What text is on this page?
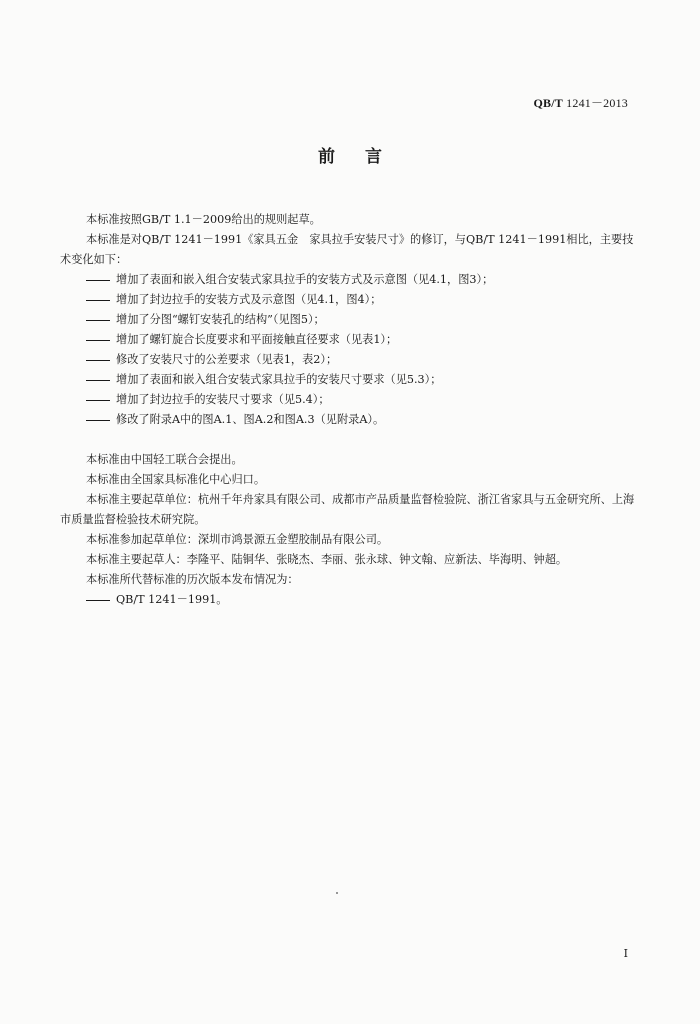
QB/T 1241－2013
前言

本标准按照GB/T 1.1－2009给出的规则起草。

本标准是对QB/T 1241－1991《家具五金　家具拉手安装尺寸》的修订，与QB/T 1241－1991相比，主要技术变化如下：

增加了表面和嵌入组合安装式家具拉手的安装方式及示意图（见4.1，图3）；

增加了封边拉手的安装方式及示意图（见4.1，图4）；

增加了分图“螺钉安装孔的结构”（见图5）；

增加了螺钉旋合长度要求和平面接触直径要求（见表1）；

修改了安装尺寸的公差要求（见表1，表2）；

增加了表面和嵌入组合安装式家具拉手的安装尺寸要求（见5.3）；

增加了封边拉手的安装尺寸要求（见5.4）；

修改了附录A中的图A.1、图A.2和图A.3（见附录A）。

本标准由中国轻工联合会提出。

本标准由全国家具标准化中心归口。

本标准主要起草单位：杭州千年舟家具有限公司、成都市产品质量监督检验院、浙江省家具与五金研究所、上海市质量监督检验技术研究院。

本标准参加起草单位：深圳市鸿景源五金塑胶制品有限公司。

本标准主要起草人：李隆平、陆铜华、张晓杰、李丽、张永球、钟文翰、应新法、毕海明、钟超。

本标准所代替标准的历次版本发布情况为：

QB/T 1241－1991。

I
